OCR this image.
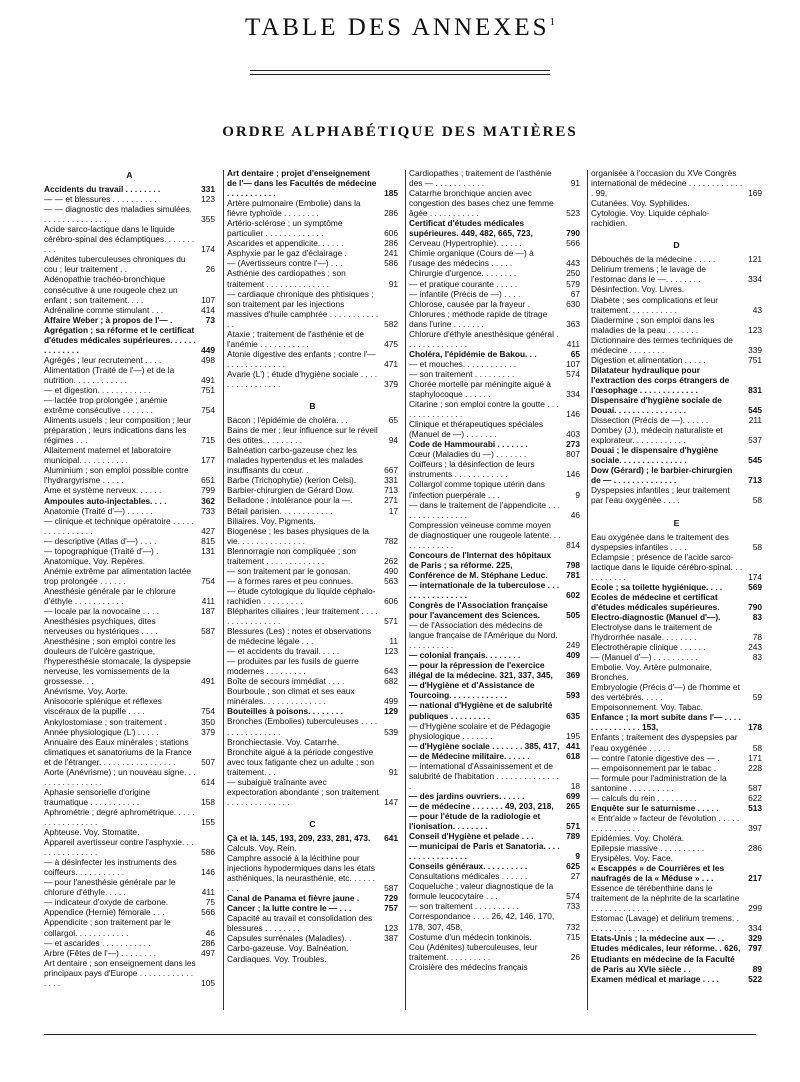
TABLE DES ANNEXES$^1$
ORDRE ALPHABÉTIQUE DES MATIÈRES
A
Accidents du travail . . . . . . . .	331
— — et blessures . . . . . . . . . .	123
— — diagnostic des maladies simulées. . . . . . . . . . . . . . .	355
Acide sarco-lactique dans le liquide cérébro-spinal des éclamptiques. . . . . . . . . .	174
Adénites tuberculeuses chroniques du cou ; leur traitement . .	26
Adénopathie trachéo-bronchique consécutive à une rougeole chez un enfant ; son traitement. . . .	107
Adrénaline comme stimulant . . .	414
Affaire Weber ; à propos de l'— .	73
Agrégation ; sa réforme et le certificat d'études médicales supérieures. . . . . . . . . . . . . .	449
Agrégés ; leur recrutement . . . .	498
Alimentation (Traité de l'—) et de la nutrition. . . . . . . . . . . .	491
— et digestion. . . . . . . . . . . .	751
— lactée trop prolongée ; anémie extrême consécutive . . . . . . .	754
Aliments usuels ; leur composition ; leur préparation ; leurs indications dans les régimes . . .	715
Allaitement maternel et laboratoire municipal. . . . . . . . . . .	177
Aluminium ; son emploi possible contre l'hydrargyrisme . . . . .	651
Ame et système nerveux. . . . . .	799
Ampoules auto-injectables. . . .	362
Anatomie (Traité d'—) . . . . . .	733
— clinique et technique opératoire . . . . . . . . . . . . . . . .	427
— descriptive (Atlas d'—) . . . .	815
— topographique (Traité d'—) .	131
Anatomique. Voy. Repères.
Anémie extrême par alimentation lactée trop prolongée . . . . . .	754
Anesthésie générale par le chlorure d'éthyle . . . . . . . . . . .	411
— locale par la novocaïne . . . .	187
Anesthésies psychiques, dites nerveuses ou hystériques . . . .	587
Anesthésine ; son emploi contre les douleurs de l'ulcère gastrique, l'hyperesthésie stomacale, la dyspepsie nerveuse, les vomissements de la grossesse. . .	491
Anévrisme. Voy. Aorte.
Anisocorie splénique et réflexes viscéraux de la pupille . . . .	754
Ankylostomiase ; son traitement .	350
Année physiologique (L') . . . . .	379
Annuaire des Eaux minérales ; stations climatiques et sanatoriums de la France et de l'étranger. . . . . . . . . . . . . . . . .	507
Aorte (Anévrisme) ; un nouveau signe. . . . . . . . . . . . . . . .	614
Aphasie sensorielle d'origine traumatique . . . . . . . . . . .	158
Aphrométrie ; degré aphrométrique. . . . . . . . . . . . . . . . .	155
Aphteuse. Voy. Stomatite.
Appareil avertisseur contre l'asphyxie. . . . . . . . . . . . . . .	586
— à désinfecter les instruments des coiffeurs. . . . . . . . . . .	146
— pour l'anesthésie générale par le chlorure d'éthyle. . . . .	411
— indicateur d'oxyde de carbone.	75
Appendice (Hernie) fémorale . . .	566
Appendicite ; son traitement par le collargol. . . . . . . . . . . .	46
— et ascarides . . . . . . . . . . .	286
Arbre (Fêtes de l'—) . . . . . . . .	497
Art dentaire ; son enseignement dans les principaux pays d'Europe . . . . . . . . . . . . . . . .	105
Art dentaire ; projet d'enseignement de l'— dans les Facultés de médecine . . . . . . . . . . .	185
Artère pulmonaire (Embolie) dans la fièvre typhoïde . . . . . . . .	286
Artério-sclérose ; un symptôme particulier . . . . . . . . . . . . .	606
Ascarides et appendicite. . . . . .	286
Asphyxie par le gaz d'éclairage .	241
— (Avertisseurs contre l'—) . . .	586
Asthénie des cardiopathes ; son traitement . . . . . . . . . . . . . .	91
— cardiaque chronique des phtisiques ; son traitement par les injections massives d'huile camphrée . . . . . . . . . . . . .	582
Ataxie ; traitement de l'asthénie et de l'anémie . . . . . . . . . . .	475
Atonie digestive des enfants ; contre l'— . . . . . . . . . . . . .	471
Avarie (L') ; étude d'hygiène sociale . . . . . . . . . . . . . . . .	379
B
Bacon ; l'épidémie de choléra. . .	65
Bains de mer ; leur influence sur le réveil des otites. . . . . . . . .	94
Balnéation carbo-gazeuse chez les malades hypertendus et les malades insuffisants du cœur. .	667
Barbe (Trichophytie) (kerion Celsi).	331
Barbier-chirurgien de Gérard Dow.	713
Belladone ; intolérance pour la —.	271
Bétail parisien. . . . . . . . . . . .	17
Biliaires. Voy. Pigments.
Biogenèse ; les bases physiques de la vie. . . . . . . . . . . . . . .	782
Blennorragie non compliquée ; son traitement . . . . . . . . . . . . .	262
— son traitement par le gonosan.	490
— à formes rares et peu connues.	563
— étude cytologique du liquide céphalo-rachidien . . . . . . . . .	606
Blépharites ciliaires ; leur traitement . . . . . . . . . . . . . . . .	571
Blessures (Les) : notes et observations de médecine légale . . .	11
— et accidents du travail. . . . .	123
— produites par les fusils de guerre modernes . . . . . . . . .	643
Boîte de secours immédiat . . . .	682
Bourboule ; son climat et ses eaux minérales. . . . . . . . . . . . . .	499
Bouteilles à poisons. . . . . . . .	129
Bronches (Embolies) tuberculeuses . . . . . . . . . . . . . . . .	539
Bronchiectasie. Voy. Catarrhe.
Bronchite aiguë à la période congestive avec toux fatigante chez un adulte ; son traitement. . .	91
— subaiguë traînante avec expectoration abondante ; son traitement . . . . . . . . . . . . . .	147
C
Çà et là. 145, 193, 209, 233, 281, 473.	641
Calculs. Voy. Rein.
Camphre associé à la lécithine pour injections hypodermiques dans les états asthéniques, la neurasthénie, etc. . . . . . . . .	587
Canal de Panama et fièvre jaune .	729
Cancer ; la lutte contre le — . . .	757
Capacité au travail et consolidation des blessures . . . . . . . .	123
Capsules surrénales (Maladies). .	387
Carbo-gazeuse. Voy. Balnéation.
Cardiaques. Voy. Troubles.
Cardiopathes ; traitement de l'asthénie des — . . . . . . . . . . .	91
Catarrhe bronchique ancien avec congestion des bases chez une femme âgée . . . . . . . . . . .	523
Certificat d'études médicales supérieures. 449, 482, 665, 723,	790
Cerveau (Hypertrophie). . . . . .	566
Chimie organique (Cours de —) à l'usage des médecins . . . . .	443
Chirurgie d'urgence. . . . . . . .	250
— et pratique courante . . . . .	579
— infantile (Précis de —) . . . .	67
Chlorose, causée par la frayeur .	630
Chlorures ; méthode rapide de titrage dans l'urine . . . . . . .	363
Chlorure d'éthyle anesthésique général . . . . . . . . . . . . . .	411
Choléra, l'épidémie de Bakou. . .	65
— et mouches. . . . . . . . . . . .	107
— son traitement . . . . . . . . .	574
Chorée mortelle par méningite aiguë à staphylocoque . . . . . .	334
Citarine ; son emploi contre la goutte . . . . . . . . . . . . . . .	146
Clinique et thérapeutiques spéciales (Manuel de —) . . . . . . .	403
Code de Hammourabi . . . . . . .	273
Cœur (Maladies du —) . . . . . . .	807
Coiffeurs ; la désinfection de leurs instruments . . . . . . . . . . . .	146
Collargol comme topique utérin dans l'infection puerpérale . . .	9
— dans le traitement de l'appendicite . . . . . . . . . . . . . . . .	46
Compression veineuse comme moyen de diagnostiquer une rougeole latente. . . . . . . . . . . . .	814
Concours de l'Internat des hôpitaux de Paris ; sa réforme. 225,	798
Conférence de M. Stéphane Leduc.	781
— internationale de la tuberculose . . . . . . . . . . . . . . . .	602
Congrès de l'Association française pour l'avancement des Sciences.	505
— de l'Association des médecins de langue française de l'Amérique du Nord. . . . . . . . . . .	249
— colonial français. . . . . . . .	409
— pour la répression de l'exercice illégal de la médecine. 321, 337, 345,	369
— d'Hygiène et d'Assistance de Tourcoing. . . . . . . . . . . . .	593
— national d'Hygiène et de salubrité publiques . . . . . . . . .	635
— d'Hygiène scolaire et de Pédagogie physiologique . . . . . . .	195
— d'Hygiène sociale . . . . . . . 385, 417, 441
— de Médecine militaire. . . . . .	618
— international d'Assainissement et de salubrité de l'habitation . . . . . . . . . . . . . . .	18
— des jardins ouvriers. . . . . .	699
— de médecine . . . . . . . 49, 203, 218,	265
— pour l'étude de la radiologie et l'ionisation. . . . . . . .	571
Conseil d'Hygiène et pelade . . .	789
— municipal de Paris et Sanatoria. . . . . . . . . . . . . . . . .	9
Conseils généraux. . . . . . . . . .	625
Consultations médicales . . . . . .	27
Coqueluche ; valeur diagnostique de la formule leucocytaire . . .	574
— son traitement . . . . . . . . . .	733
Correspondance . . . . 26, 42, 146, 170, 178, 307, 458,	732
Costume d'un médecin tonkinois.	715
Cou (Adénites) tuberculeuses, leur traitement. . . . . . . . . .	26
Croisière des médecins français
organisée à l'occasion du XVe Congrès international de médecine . . . . . . . . . . . . . 99,	169
Cutanées. Voy. Syphilides.
Cytologie. Voy. Liquide céphalo-rachidien.
D
Débouchés de la médecine . . . . .	121
Delirium tremens ; le lavage de l'estomac dans le —. . . . . . . .	334
Désinfection. Voy. Livres.
Diabète ; ses complications et leur traitement. . . . . . . . . . .	43
Diadermine ; son emploi dans les maladies de la peau . . . . . . .	123
Dictionnaire des termes techniques de médecine . . . . . . . .	339
Digestion et alimentation . . . . .	751
Dilatateur hydraulique pour l'extraction des corps étrangers de l'œsophage . . . . . . . . . . . . .	831
Dispensaire d'hygiène sociale de Douai. . . . . . . . . . . . . . . .	545
Dissection (Précis de —). . . . . .	211
Dombey (J.), médecin naturaliste et explorateur. . . . . . . . . . . .	537
Douai ; le dispensaire d'hygiène sociale. . . . . . . . . . . . . . .	545
Dow (Gérard) ; le barbier-chirurgien de — . . . . . . . . . . . . . .	713
Dyspepsies infantiles ; leur traitement par l'eau oxygénée . . . .	58
E
Eau oxygénée dans le traitement des dyspepsies infantiles . . . .	58
Eclampsie ; présence de l'acide sarco-lactique dans le liquide cérébro-spinal. . . . . . . . . . .	174
Ecole ; sa toilette hygiénique. . . .	569
Ecoles de médecine et certificat d'études médicales supérieures.	790
Electro-diagnostic (Manuel d'—).	83
Electrolyse dans le traitement de l'hydrorrhée nasale. . . . . . . .	78
Electrothérapie clinique . . . . . .	243
— (Manuel d'—) . . . . . . . . . .	83
Embolie. Voy. Artère pulmonaire, Bronches.
Embryologie (Précis d'—) de l'homme et des vertébrés. . . . .	59
Empoisonnement. Voy. Tabac.
Enfance ; la mort subite dans l'— . . . . . . . . . . . . . . . 153,	178
Enfants ; traitement des dyspepsies par l'eau oxygénée . . . . .	58
— contre l'atonie digestive des — .	171
— empoisonnement par le tabac .	228
— formule pour l'administration de la santonine . . . . . . . . . .	587
— calculs du rein . . . . . . . . .	622
Enquête sur le saturnisme . . . . .	513
« Entr'aide » facteur de l'évolution . . . . . . . . . . . . . . . .	397
Epidémies. Voy. Choléra.
Epilepsie massive . . . . . . . . . .	286
Erysipèles. Voy. Face.
« Escappés » de Courrières et les naufragés de la « Méduse » . . .	217
Essence de térébenthine dans le traitement de la néphrite de la scarlatine . . . . . . . . . . . . .	299
Estomac (Lavage) et delirium tremens. . . . . . . . . . . . . . . .	334
Etats-Unis ; la médecine aux — . .	329
Etudes médicales, leur réforme. . 626, 797
Etudiants en médecine de la Faculté de Paris au XVIe siècle . .	89
Examen médical et mariage . . . .	522
